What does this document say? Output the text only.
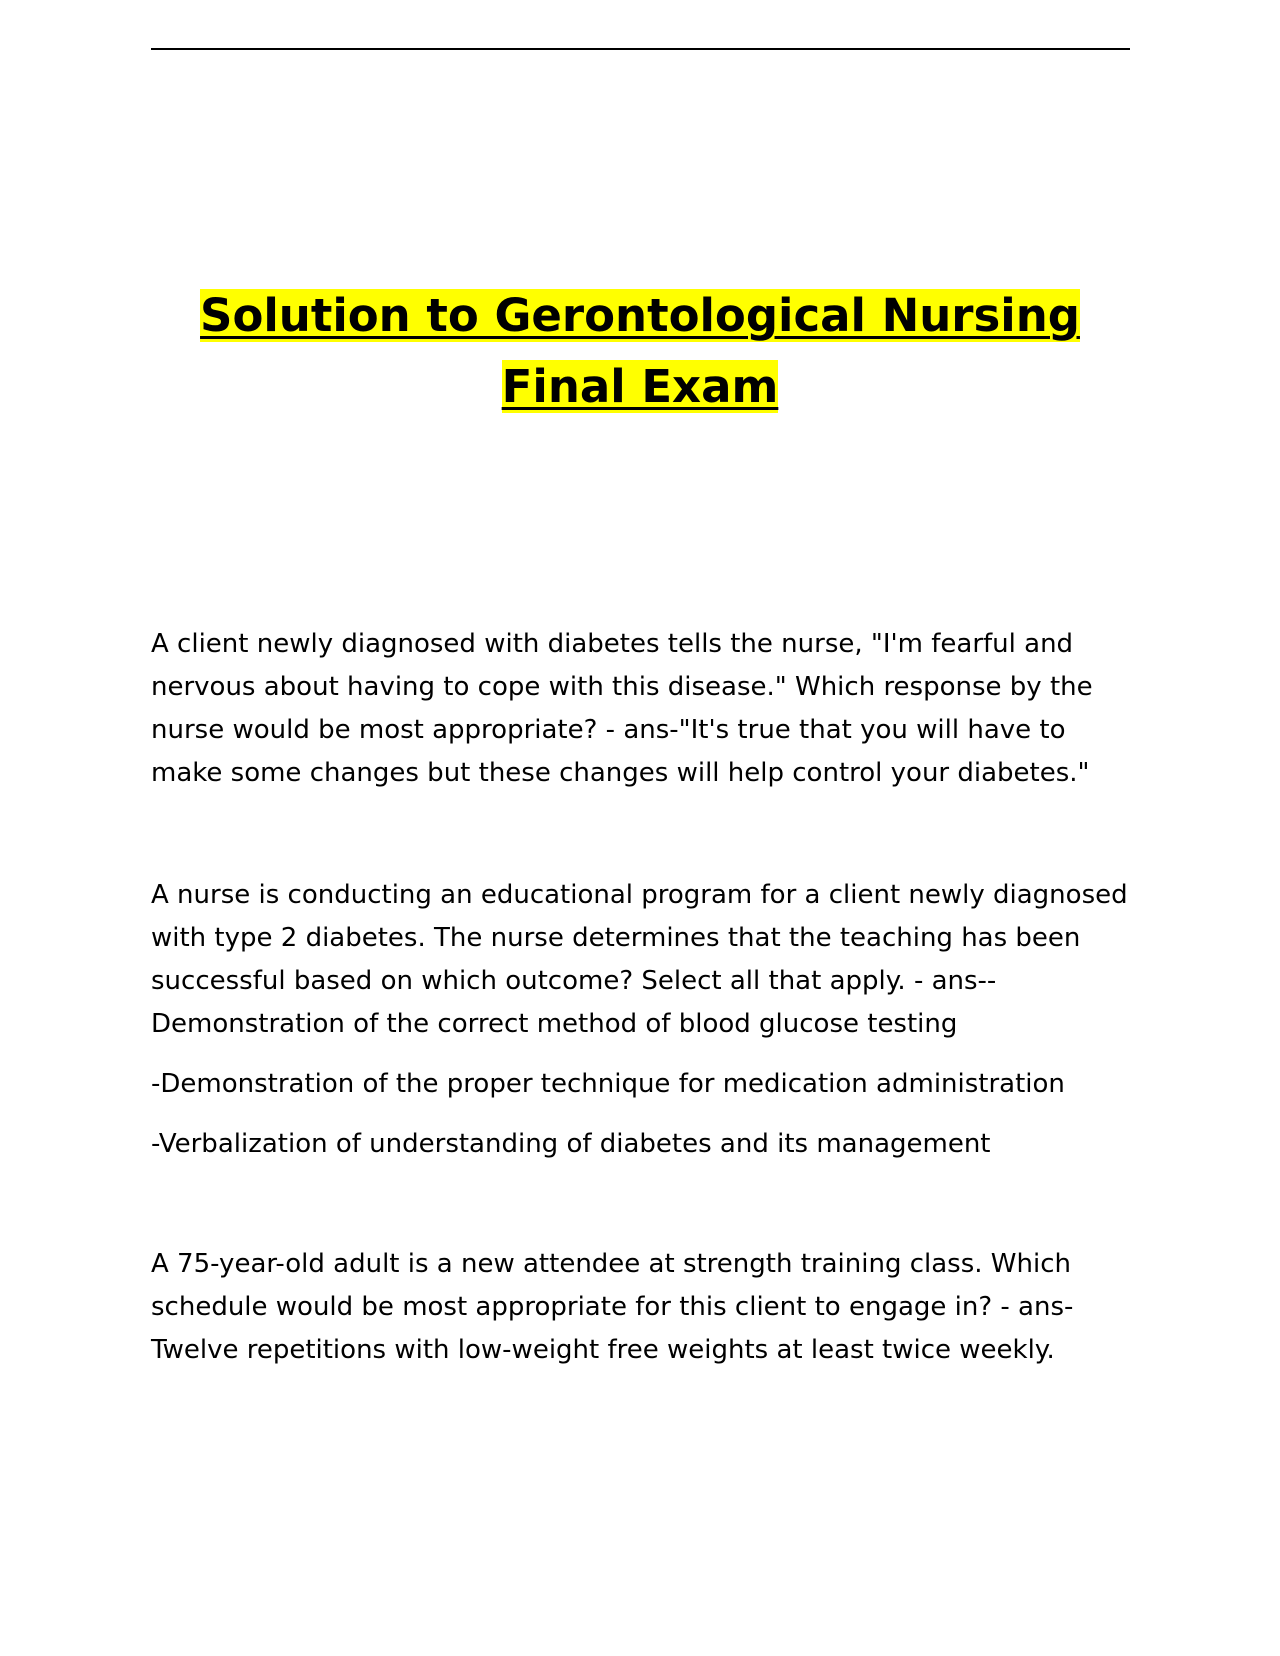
Solution to Gerontological Nursing
Final Exam

A client newly diagnosed with diabetes tells the nurse, "I'm fearful and nervous about having to cope with this disease." Which response by the nurse would be most appropriate? - ans-"It's true that you will have to make some changes but these changes will help control your diabetes."

A nurse is conducting an educational program for a client newly diagnosed with type 2 diabetes. The nurse determines that the teaching has been successful based on which outcome? Select all that apply. - ans--Demonstration of the correct method of blood glucose testing

-Demonstration of the proper technique for medication administration

-Verbalization of understanding of diabetes and its management

A 75-year-old adult is a new attendee at strength training class. Which schedule would be most appropriate for this client to engage in? - ans-Twelve repetitions with low-weight free weights at least twice weekly.
